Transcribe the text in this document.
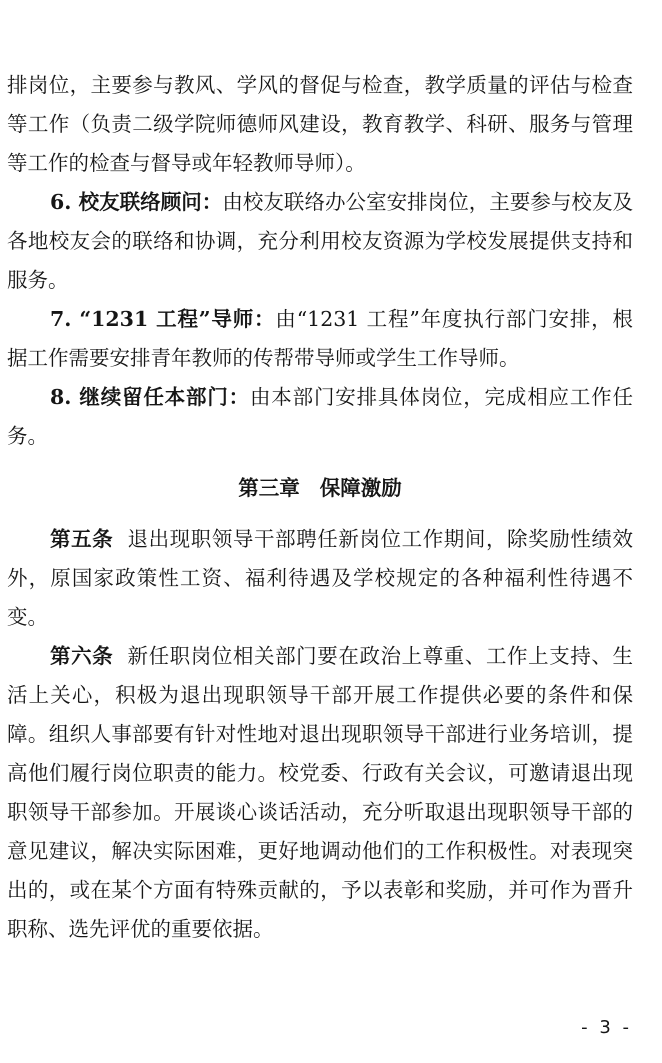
排岗位，主要参与教风、学风的督促与检查，教学质量的评估与检查等工作（负责二级学院师德师风建设，教育教学、科研、服务与管理等工作的检查与督导或年轻教师导师）。

6. 校友联络顾问：由校友联络办公室安排岗位，主要参与校友及各地校友会的联络和协调，充分利用校友资源为学校发展提供支持和服务。

7. “1231 工程”导师：由“1231 工程”年度执行部门安排，根据工作需要安排青年教师的传帮带导师或学生工作导师。

8. 继续留任本部门：由本部门安排具体岗位，完成相应工作任务。

第三章 保障激励

第五条 退出现职领导干部聘任新岗位工作期间，除奖励性绩效外，原国家政策性工资、福利待遇及学校规定的各种福利性待遇不变。

第六条 新任职岗位相关部门要在政治上尊重、工作上支持、生活上关心，积极为退出现职领导干部开展工作提供必要的条件和保障。组织人事部要有针对性地对退出现职领导干部进行业务培训，提高他们履行岗位职责的能力。校党委、行政有关会议，可邀请退出现职领导干部参加。开展谈心谈话活动，充分听取退出现职领导干部的意见建议，解决实际困难，更好地调动他们的工作积极性。对表现突出的，或在某个方面有特殊贡献的，予以表彰和奖励，并可作为晋升职称、选先评优的重要依据。

- 3 -
